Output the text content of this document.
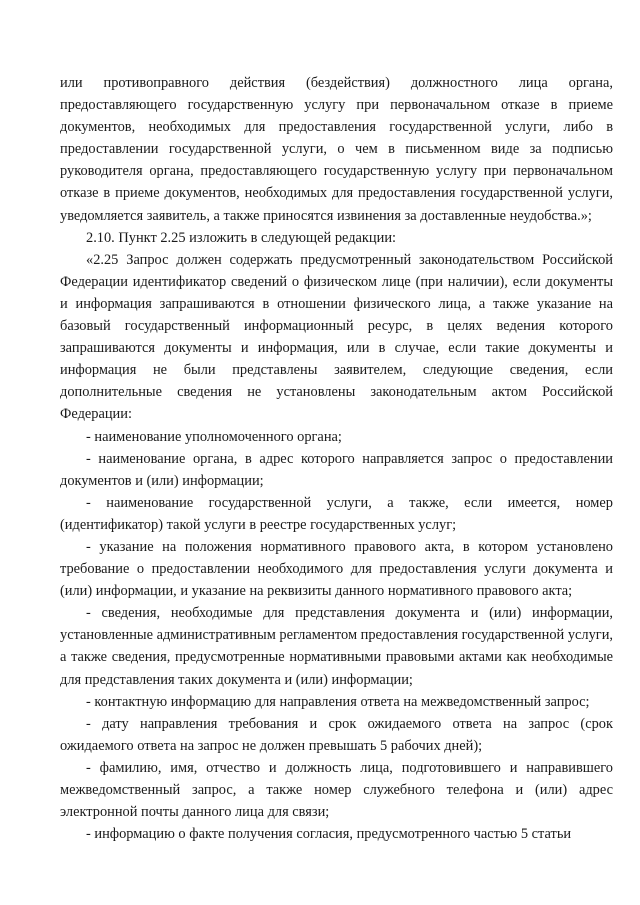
или противоправного действия (бездействия) должностного лица органа, предоставляющего государственную услугу при первоначальном отказе в приеме документов, необходимых для предоставления государственной услуги, либо в предоставлении государственной услуги, о чем в письменном виде за подписью руководителя органа, предоставляющего государственную услугу при первоначальном отказе в приеме документов, необходимых для предоставления государственной услуги, уведомляется заявитель, а также приносятся извинения за доставленные неудобства.»;

2.10. Пункт 2.25 изложить в следующей редакции:

«2.25 Запрос должен содержать предусмотренный законодательством Российской Федерации идентификатор сведений о физическом лице (при наличии), если документы и информация запрашиваются в отношении физического лица, а также указание на базовый государственный информационный ресурс, в целях ведения которого запрашиваются документы и информация, или в случае, если такие документы и информация не были представлены заявителем, следующие сведения, если дополнительные сведения не установлены законодательным актом Российской Федерации:

- наименование уполномоченного органа;

- наименование органа, в адрес которого направляется запрос о предоставлении документов и (или) информации;

- наименование государственной услуги, а также, если имеется, номер (идентификатор) такой услуги в реестре государственных услуг;

- указание на положения нормативного правового акта, в котором установлено требование о предоставлении необходимого для предоставления услуги документа и (или) информации, и указание на реквизиты данного нормативного правового акта;

- сведения, необходимые для представления документа и (или) информации, установленные административным регламентом предоставления государственной услуги, а также сведения, предусмотренные нормативными правовыми актами как необходимые для представления таких документа и (или) информации;

- контактную информацию для направления ответа на межведомственный запрос;

- дату направления требования и срок ожидаемого ответа на запрос (срок ожидаемого ответа на запрос не должен превышать 5 рабочих дней);

- фамилию, имя, отчество и должность лица, подготовившего и направившего межведомственный запрос, а также номер служебного телефона и (или) адрес электронной почты данного лица для связи;

- информацию о факте получения согласия, предусмотренного частью 5 статьи
